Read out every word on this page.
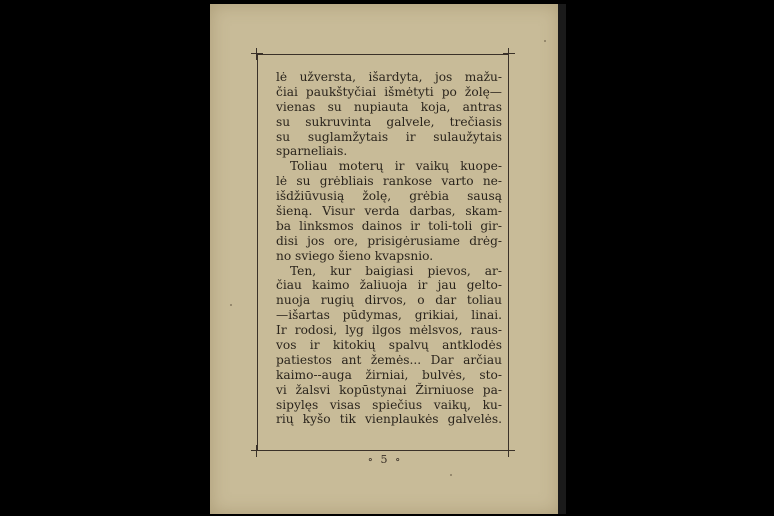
lė užversta, išardyta, jos mažu-
čiai paukštyčiai išmėtyti po žolę—
vienas su nupiauta koja, antras
su sukruvinta galvele, trečiasis
su suglamžytais ir sulaužytais
sparneliais.
Toliau moterų ir vaikų kuope-
lė su grėbliais rankose varto ne-
išdžiūvusią žolę, grėbia sausą
šieną. Visur verda darbas, skam-
ba linksmos dainos ir toli-toli gir-
disi jos ore, prisigėrusiame drėg-
no sviego šieno kvapsnio.
Ten, kur baigiasi pievos, ar-
čiau kaimo žaliuoja ir jau gelto-
nuoja rugių dirvos, o dar toliau
—išartas pūdymas, grikiai, linai.
Ir rodosi, lyg ilgos mėlsvos, raus-
vos ir kitokių spalvų antklodės
patiestos ant žemės... Dar arčiau
kaimo--auga žirniai, bulvės, sto-
vi žalsvi kopūstynai Žirniuose pa-
sipylęs visas spiečius vaikų, ku-
rių kyšo tik vienplaukės galvelės.
∘ 5 ∘
